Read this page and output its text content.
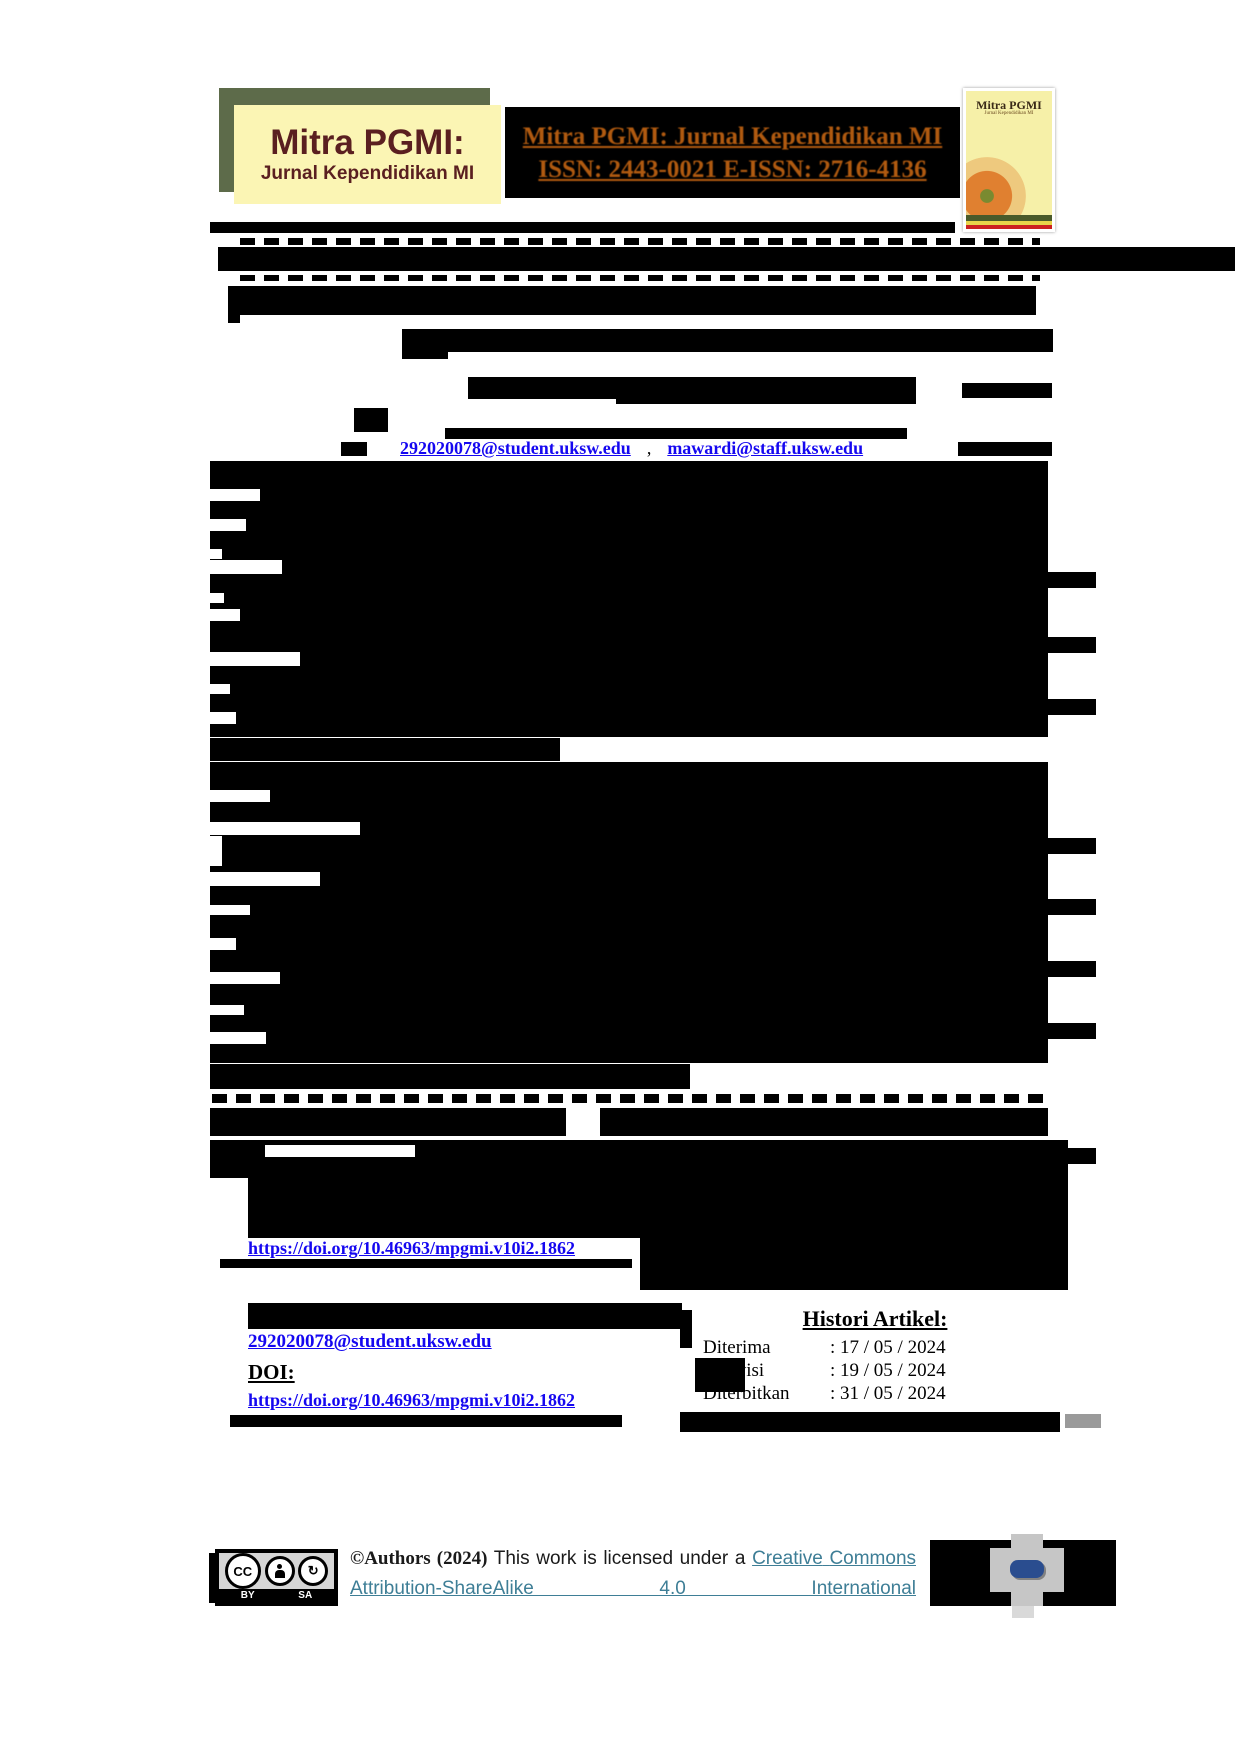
Mitra PGMI:
Jurnal Kependidikan MI
Mitra PGMI: Jurnal Kependidikan MI
ISSN: 2443-0021 E-ISSN: 2716-4136
Mitra PGMI
Jurnal Kependidikan MI
292020078@student.uksw.edu , mawardi@staff.uksw.edu
https://doi.org/10.46963/mpgmi.v10i2.1862
292020078@student.uksw.edu
DOI:
https://doi.org/10.46963/mpgmi.v10i2.1862
Histori Artikel:
Diterima	: 17 / 05 / 2024
Direvisi	: 19 / 05 / 2024
Diterbitkan	: 31 / 05 / 2024
CC	↻
BY	SA
©Authors (2024) This work is licensed under a Creative Commons Attribution-ShareAlike 4.0 International
